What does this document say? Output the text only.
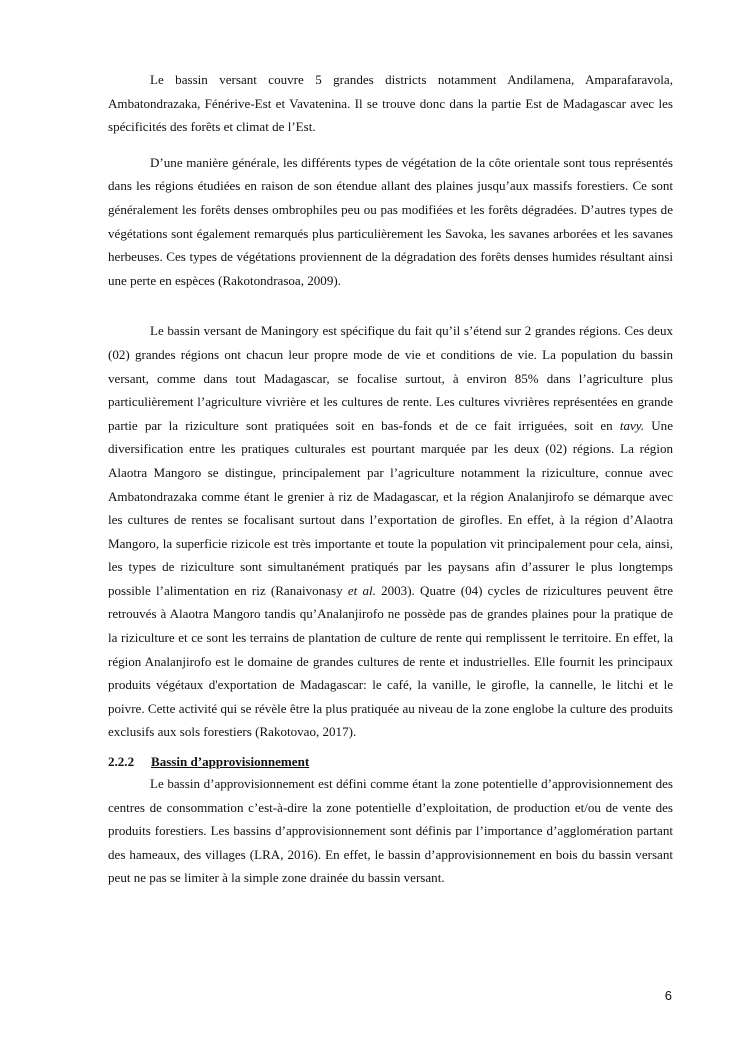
Le bassin versant couvre 5 grandes districts notamment Andilamena, Amparafaravola, Ambatondrazaka, Fénérive-Est et Vavatenina. Il se trouve donc dans la partie Est de Madagascar avec les spécificités des forêts et climat de l’Est.

D’une manière générale, les différents types de végétation de la côte orientale sont tous représentés dans les régions étudiées en raison de son étendue allant des plaines jusqu’aux massifs forestiers. Ce sont généralement les forêts denses ombrophiles peu ou pas modifiées et les forêts dégradées. D’autres types de végétations sont également remarqués plus particulièrement les Savoka, les savanes arborées et les savanes herbeuses. Ces types de végétations proviennent de la dégradation des forêts denses humides résultant ainsi une perte en espèces (Rakotondrasoa, 2009).

Le bassin versant de Maningory est spécifique du fait qu’il s’étend sur 2 grandes régions. Ces deux (02) grandes régions ont chacun leur propre mode de vie et conditions de vie. La population du bassin versant, comme dans tout Madagascar, se focalise surtout, à environ 85% dans l’agriculture plus particulièrement l’agriculture vivrière et les cultures de rente. Les cultures vivrières représentées en grande partie par la riziculture sont pratiquées soit en bas-fonds et de ce fait irriguées, soit en tavy. Une diversification entre les pratiques culturales est pourtant marquée par les deux (02) régions. La région Alaotra Mangoro se distingue, principalement par l’agriculture notamment la riziculture, connue avec Ambatondrazaka comme étant le grenier à riz de Madagascar, et la région Analanjirofo se démarque avec les cultures de rentes se focalisant surtout dans l’exportation de girofles. En effet, à la région d’Alaotra Mangoro, la superficie rizicole est très importante et toute la population vit principalement pour cela, ainsi, les types de riziculture sont simultanément pratiqués par les paysans afin d’assurer le plus longtemps possible l’alimentation en riz (Ranaivonasy et al. 2003). Quatre (04) cycles de rizicultures peuvent être retrouvés à Alaotra Mangoro tandis qu’Analanjirofo ne possède pas de grandes plaines pour la pratique de la riziculture et ce sont les terrains de plantation de culture de rente qui remplissent le territoire. En effet, la région Analanjirofo est le domaine de grandes cultures de rente et industrielles. Elle fournit les principaux produits végétaux d'exportation de Madagascar: le café, la vanille, le girofle, la cannelle, le litchi et le poivre. Cette activité qui se révèle être la plus pratiquée au niveau de la zone englobe la culture des produits exclusifs aux sols forestiers (Rakotovao, 2017).

2.2.2	Bassin d’approvisionnement

Le bassin d’approvisionnement est défini comme étant la zone potentielle d’approvisionnement des centres de consommation c’est-à-dire la zone potentielle d’exploitation, de production et/ou de vente des produits forestiers. Les bassins d’approvisionnement sont définis par l’importance d’agglomération partant des hameaux, des villages (LRA, 2016). En effet, le bassin d’approvisionnement en bois du bassin versant peut ne pas se limiter à la simple zone drainée du bassin versant.

6
